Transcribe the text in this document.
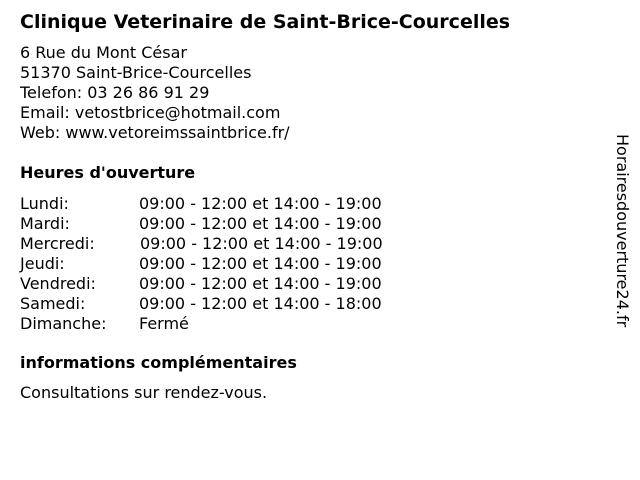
Clinique Veterinaire de Saint-Brice-Courcelles
6 Rue du Mont César
51370 Saint-Brice-Courcelles
Telefon: 03 26 86 91 29
Email: vetostbrice@hotmail.com
Web: www.vetoreimssaintbrice.fr/
Heures d'ouverture
Lundi:	09:00 - 12:00 et 14:00 - 19:00
Mardi:	09:00 - 12:00 et 14:00 - 19:00
Mercredi:	09:00 - 12:00 et 14:00 - 19:00
Jeudi:	09:00 - 12:00 et 14:00 - 19:00
Vendredi:	09:00 - 12:00 et 14:00 - 19:00
Samedi:	09:00 - 12:00 et 14:00 - 18:00
Dimanche: Fermé
informations complémentaires
Consultations sur rendez-vous.
Horairesdouverture24.fr
